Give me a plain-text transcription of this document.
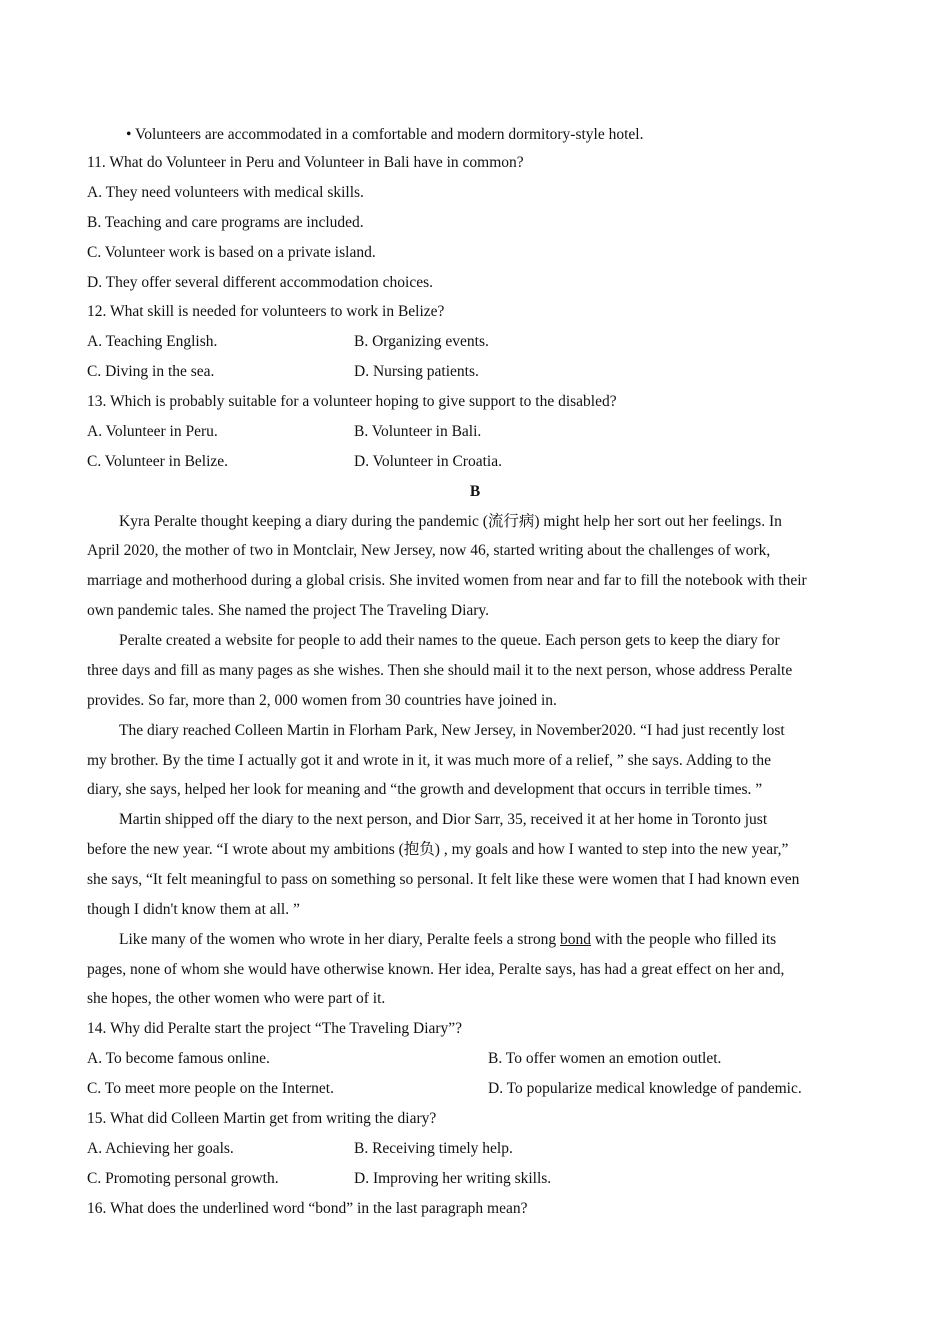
• Volunteers are accommodated in a comfortable and modern dormitory-style hotel.
11. What do Volunteer in Peru and Volunteer in Bali have in common?
A. They need volunteers with medical skills.
B. Teaching and care programs are included.
C. Volunteer work is based on a private island.
D. They offer several different accommodation choices.
12. What skill is needed for volunteers to work in Belize?
A. Teaching English.	B. Organizing events.
C. Diving in the sea.	D. Nursing patients.
13. Which is probably suitable for a volunteer hoping to give support to the disabled?
A. Volunteer in Peru.	B. Volunteer in Bali.
C. Volunteer in Belize.	D. Volunteer in Croatia.
B
Kyra Peralte thought keeping a diary during the pandemic (流行病) might help her sort out her feelings. In
April 2020, the mother of two in Montclair, New Jersey, now 46, started writing about the challenges of work,
marriage and motherhood during a global crisis. She invited women from near and far to fill the notebook with their
own pandemic tales. She named the project The Traveling Diary.
Peralte created a website for people to add their names to the queue. Each person gets to keep the diary for
three days and fill as many pages as she wishes. Then she should mail it to the next person, whose address Peralte
provides. So far, more than 2, 000 women from 30 countries have joined in.
The diary reached Colleen Martin in Florham Park, New Jersey, in November2020. “I had just recently lost
my brother. By the time I actually got it and wrote in it, it was much more of a relief, ” she says. Adding to the
diary, she says, helped her look for meaning and “the growth and development that occurs in terrible times. ”
Martin shipped off the diary to the next person, and Dior Sarr, 35, received it at her home in Toronto just
before the new year. “I wrote about my ambitions (抱负) , my goals and how I wanted to step into the new year,”
she says, “It felt meaningful to pass on something so personal. It felt like these were women that I had known even
though I didn't know them at all. ”
Like many of the women who wrote in her diary, Peralte feels a strong bond with the people who filled its
pages, none of whom she would have otherwise known. Her idea, Peralte says, has had a great effect on her and,
she hopes, the other women who were part of it.
14. Why did Peralte start the project “The Traveling Diary”?
A. To become famous online.	B. To offer women an emotion outlet.
C. To meet more people on the Internet.	D. To popularize medical knowledge of pandemic.
15. What did Colleen Martin get from writing the diary?
A. Achieving her goals.	B. Receiving timely help.
C. Promoting personal growth.	D. Improving her writing skills.
16. What does the underlined word “bond” in the last paragraph mean?
